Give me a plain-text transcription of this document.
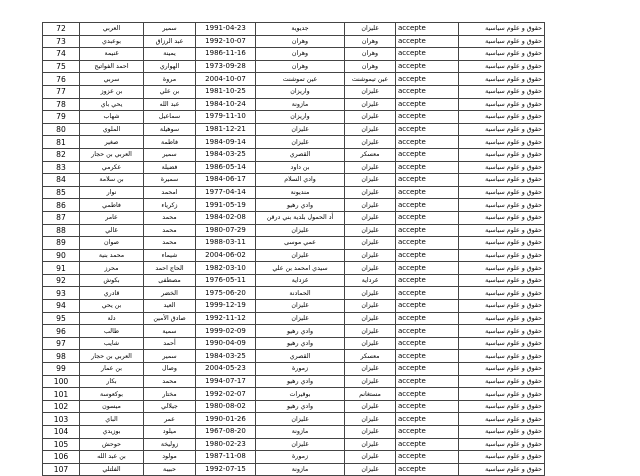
72	العربي	سمير	1991-04-23	جديوية	غليزان	accepte	حقوق و علوم سياسية
73	بوعبدي	عبد الرزاق	1992-10-07	وهران	وهران	accepte	حقوق و علوم سياسية
74	غنيمة	يمينة	1986-11-16	وهران	وهران	accepte	حقوق و علوم سياسية
75	احمد الفواتيح	الهواري	1973-09-28	وهران	وهران	accepte	حقوق و علوم سياسية
76	سربي	مروة	2004-10-07	عين تموشنت	عين تيموشنت	accepte	حقوق و علوم سياسية
77	بن عزوز	بن علي	1981-10-25	واريزان	غليزان	accepte	حقوق و علوم سياسية
78	يحي باي	عبد الله	1984-10-24	مازونة	غليزان	accepte	حقوق و علوم سياسية
79	شهاب	سماعيل	1979-11-10	واريزان	غليزان	accepte	حقوق و علوم سياسية
80	الملوي	سوهيلة	1981-12-21	غليزان	غليزان	accepte	حقوق و علوم سياسية
81	صغير	فاطمة	1984-09-14	غليزان	غليزان	accepte	حقوق و علوم سياسية
82	العربي بن حجار	سمير	1984-03-25	القصري	معسكر	accepte	حقوق و علوم سياسية
83	عكرمي	فضيلة	1986-05-14	بن داود	غليزان	accepte	حقوق و علوم سياسية
84	بن سلامة	سميرة	1984-06-17	وادي السلام	غليزان	accepte	حقوق و علوم سياسية
85	نوار	امحمد	1977-04-14	منديونة	غليزان	accepte	حقوق و علوم سياسية
86	فاطمي	زكرياء	1991-05-19	وادي رهيو	غليزان	accepte	حقوق و علوم سياسية
87	عامر	محمد	1984-02-08	أد الحمول بلدية بني درقن	غليزان	accepte	حقوق و علوم سياسية
88	غالي	محمد	1980-07-29	غليزان	غليزان	accepte	حقوق و علوم سياسية
89	صوان	محمد	1988-03-11	عمي موسى	غليزان	accepte	حقوق و علوم سياسية
90	محمد بنية	شيماء	2004-06-02	غليزان	غليزان	accepte	حقوق و علوم سياسية
91	محرز	الحاج احمد	1982-03-10	سيدي امحمد بن علي	غليزان	accepte	حقوق و علوم سياسية
92	بكوش	مصطفى	1976-05-11	غزداية	غرداية	accepte	حقوق و علوم سياسية
93	قادري	الخضر	1975-06-20	الحمادنة	غليزان	accepte	حقوق و علوم سياسية
94	بن يحي	العيد	1999-12-19	غليزان	غليزان	accepte	حقوق و علوم سياسية
95	دلة	صادق الأمين	1992-11-12	غليزان	غليزان	accepte	حقوق و علوم سياسية
96	طالب	سمية	1999-02-09	وادي رهيو	غليزان	accepte	حقوق و علوم سياسية
97	شايب	أحمد	1990-04-09	وادي رهيو	غليزان	accepte	حقوق و علوم سياسية
98	العربي بن حجار	سمير	1984-03-25	القصري	معسكر	accepte	حقوق و علوم سياسية
99	بن عمار	وصال	2004-05-23	زمورة	غليزان	accepte	حقوق و علوم سياسية
100	بكار	محمد	1994-07-17	وادي رهيو	غليزان	accepte	حقوق و علوم سياسية
101	بوكعوسة	مختار	1992-02-07	بوقيرات	مستغانم	accepte	حقوق و علوم سياسية
102	ميسون	جيلالي	1980-08-02	وادي رهيو	غليزان	accepte	حقوق و علوم سياسية
103	الباي	عمر	1990-01-26	غليزان	غليزان	accepte	حقوق و علوم سياسية
104	بوزيدي	ميلود	1967-08-20	مازونة	غليزان	accepte	حقوق و علوم سياسية
105	حوحش	زوليخة	1980-02-23	غليزان	غليزان	accepte	حقوق و علوم سياسية
106	بن عبد الله	مولود	1987-11-08	زمورة	غليزان	accepte	حقوق و علوم سياسية
107	الفلتلي	حبيبة	1992-07-15	مازونة	غليزان	accepte	حقوق و علوم سياسية
